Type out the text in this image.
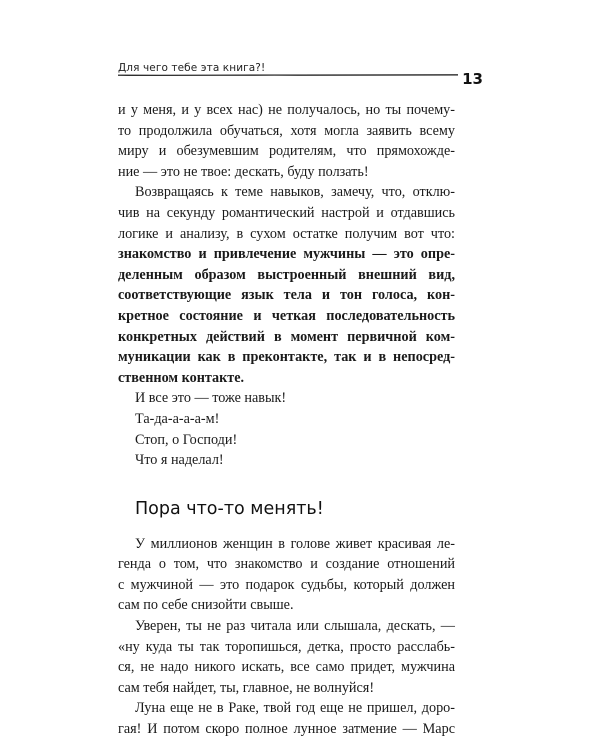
Для чего тебе эта книга?!
13

и у меня, и у всех нас) не получалось, но ты почему-
то продолжила обучаться, хотя могла заявить всему
миру и обезумевшим родителям, что прямохожде-
ние — это не твое: дескать, буду ползать!

Возвращаясь к теме навыков, замечу, что, отклю-
чив на секунду романтический настрой и отдавшись
логике и анализу, в сухом остатке получим вот что:

знакомство и привлечение мужчины — это опре-
деленным образом выстроенный внешний вид,
соответствующие язык тела и тон голоса, кон-
кретное состояние и четкая последовательность
конкретных действий в момент первичной ком-
муникации как в преконтакте, так и в непосред-
ственном контакте.

И все это — тоже навык!
Та-да-а-а-а-м!
Стоп, о Господи!
Что я наделал!

Пора что-то менять!

У миллионов женщин в голове живет красивая ле-
генда о том, что знакомство и создание отношений
с мужчиной — это подарок судьбы, который должен
сам по себе снизойти свыше.

Уверен, ты не раз читала или слышала, дескать, —
«ну куда ты так торопишься, детка, просто расслабь-
ся, не надо никого искать, все само придет, мужчина
сам тебя найдет, ты, главное, не волнуйся!

Луна еще не в Раке, твой год еще не пришел, доро-
гая! И потом скоро полное лунное затмение — Марс
